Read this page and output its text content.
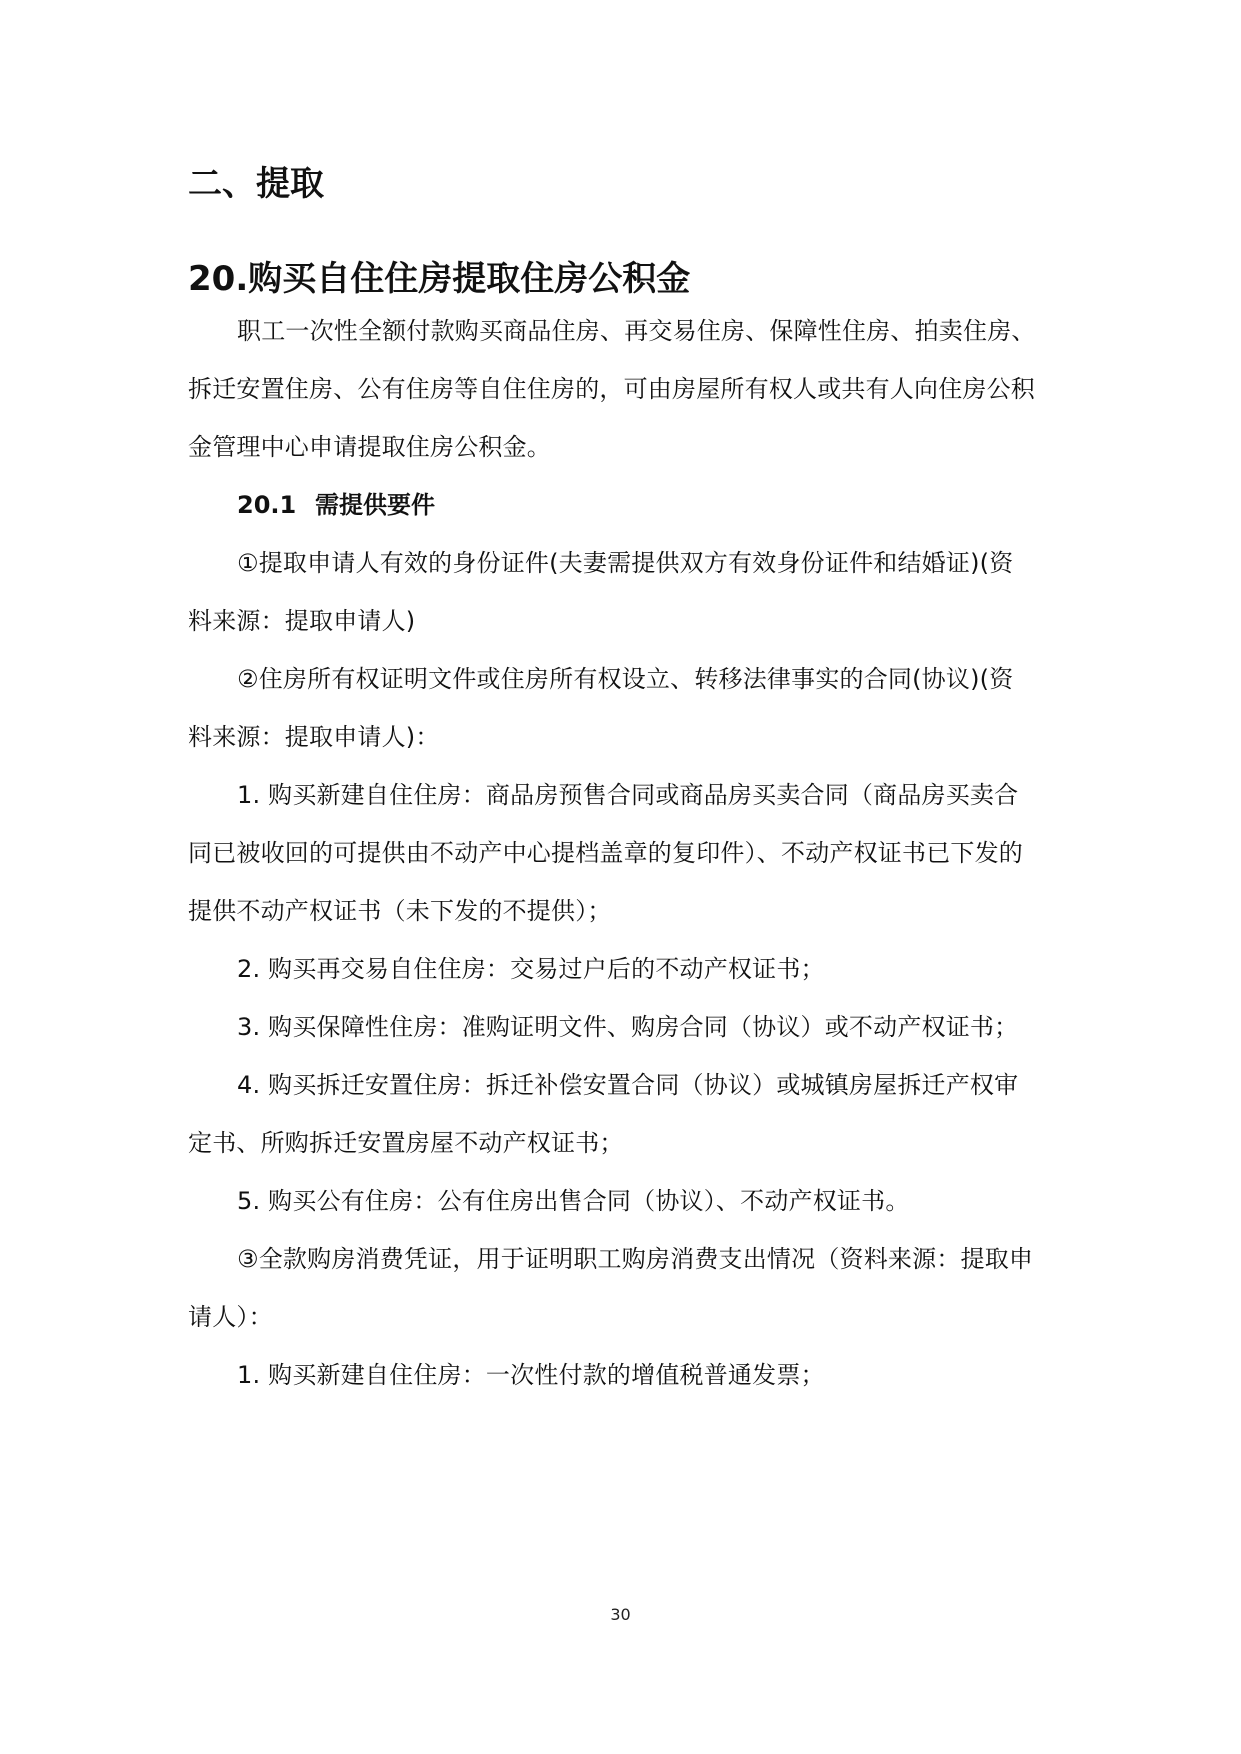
二、提取
20.购买自住住房提取住房公积金
职工一次性全额付款购买商品住房、再交易住房、保障性住房、拍卖住房、
拆迁安置住房、公有住房等自住住房的，可由房屋所有权人或共有人向住房公积
金管理中心申请提取住房公积金。
20.1 需提供要件
①提取申请人有效的身份证件(夫妻需提供双方有效身份证件和结婚证)(资
料来源：提取申请人)
②住房所有权证明文件或住房所有权设立、转移法律事实的合同(协议)(资
料来源：提取申请人)：
1. 购买新建自住住房：商品房预售合同或商品房买卖合同（商品房买卖合
同已被收回的可提供由不动产中心提档盖章的复印件）、不动产权证书已下发的
提供不动产权证书（未下发的不提供）；
2. 购买再交易自住住房：交易过户后的不动产权证书；
3. 购买保障性住房：准购证明文件、购房合同（协议）或不动产权证书；
4. 购买拆迁安置住房：拆迁补偿安置合同（协议）或城镇房屋拆迁产权审
定书、所购拆迁安置房屋不动产权证书；
5. 购买公有住房：公有住房出售合同（协议）、不动产权证书。
③全款购房消费凭证，用于证明职工购房消费支出情况（资料来源：提取申
请人）：
1. 购买新建自住住房：一次性付款的增值税普通发票；
30
